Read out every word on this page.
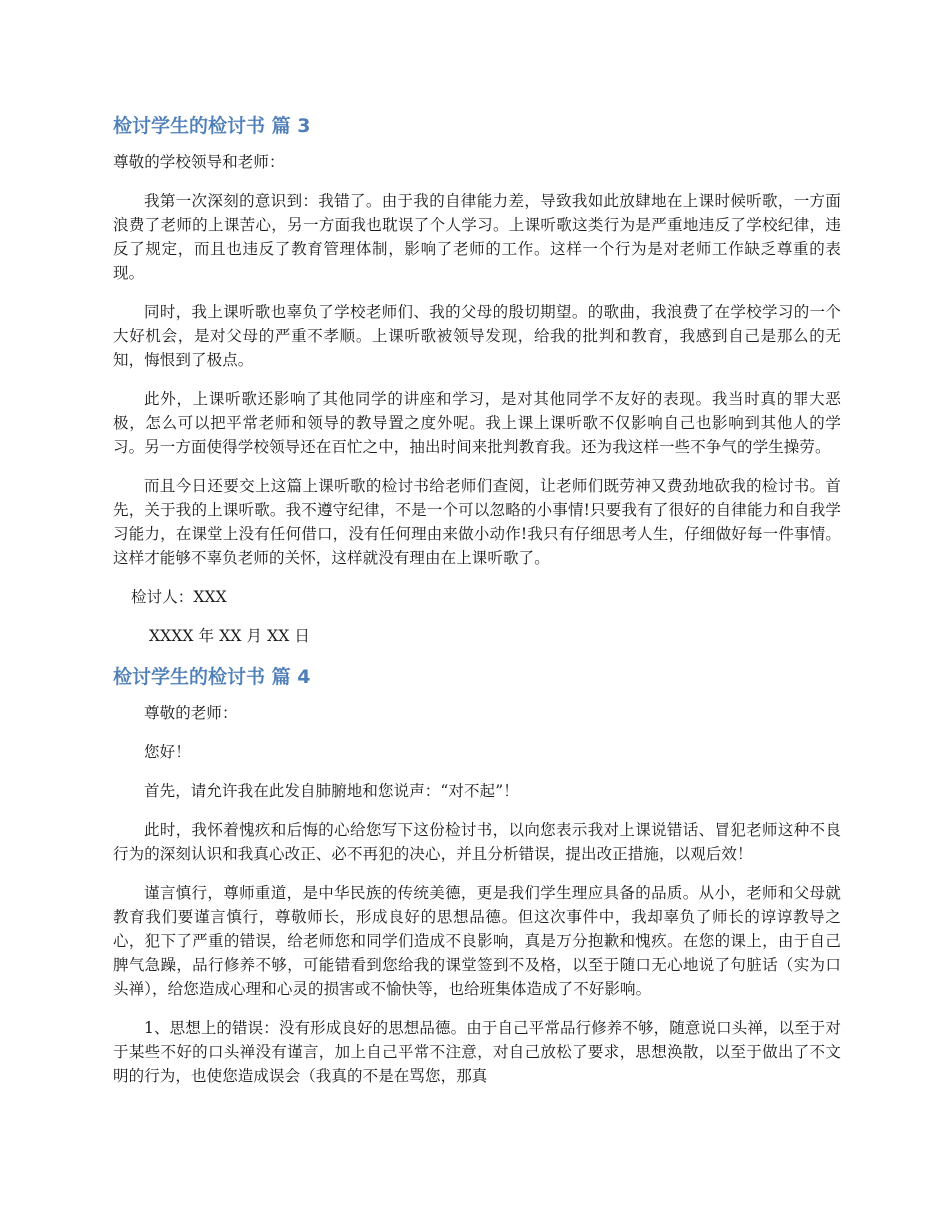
检讨学生的检讨书 篇 3

尊敬的学校领导和老师：

我第一次深刻的意识到：我错了。由于我的自律能力差，导致我如此放肆地在上课时候听歌，一方面浪费了老师的上课苦心，另一方面我也耽误了个人学习。上课听歌这类行为是严重地违反了学校纪律，违反了规定，而且也违反了教育管理体制，影响了老师的工作。这样一个行为是对老师工作缺乏尊重的表现。

同时，我上课听歌也辜负了学校老师们、我的父母的殷切期望。的歌曲，我浪费了在学校学习的一个大好机会，是对父母的严重不孝顺。上课听歌被领导发现，给我的批判和教育，我感到自己是那么的无知，悔恨到了极点。

此外，上课听歌还影响了其他同学的讲座和学习，是对其他同学不友好的表现。我当时真的罪大恶极，怎么可以把平常老师和领导的教导置之度外呢。我上课上课听歌不仅影响自己也影响到其他人的学习。另一方面使得学校领导还在百忙之中，抽出时间来批判教育我。还为我这样一些不争气的学生操劳。

而且今日还要交上这篇上课听歌的检讨书给老师们查阅，让老师们既劳神又费劲地砍我的检讨书。首先，关于我的上课听歌。我不遵守纪律，不是一个可以忽略的小事情!只要我有了很好的自律能力和自我学习能力，在课堂上没有任何借口，没有任何理由来做小动作!我只有仔细思考人生，仔细做好每一件事情。这样才能够不辜负老师的关怀，这样就没有理由在上课听歌了。

检讨人：XXX

XXXX 年 XX 月 XX 日

检讨学生的检讨书 篇 4

尊敬的老师：

您好！

首先，请允许我在此发自肺腑地和您说声：“对不起”！

此时，我怀着愧疚和后悔的心给您写下这份检讨书，以向您表示我对上课说错话、冒犯老师这种不良行为的深刻认识和我真心改正、必不再犯的决心，并且分析错误，提出改正措施，以观后效！

谨言慎行，尊师重道，是中华民族的传统美德，更是我们学生理应具备的品质。从小，老师和父母就教育我们要谨言慎行，尊敬师长，形成良好的思想品德。但这次事件中，我却辜负了师长的谆谆教导之心，犯下了严重的错误，给老师您和同学们造成不良影响，真是万分抱歉和愧疚。在您的课上，由于自己脾气急躁，品行修养不够，可能错看到您给我的课堂签到不及格，以至于随口无心地说了句脏话（实为口头禅），给您造成心理和心灵的损害或不愉快等，也给班集体造成了不好影响。

1、思想上的错误：没有形成良好的思想品德。由于自己平常品行修养不够，随意说口头禅，以至于对于某些不好的口头禅没有谨言，加上自己平常不注意，对自己放松了要求，思想涣散，以至于做出了不文明的行为，也使您造成误会（我真的不是在骂您，那真
